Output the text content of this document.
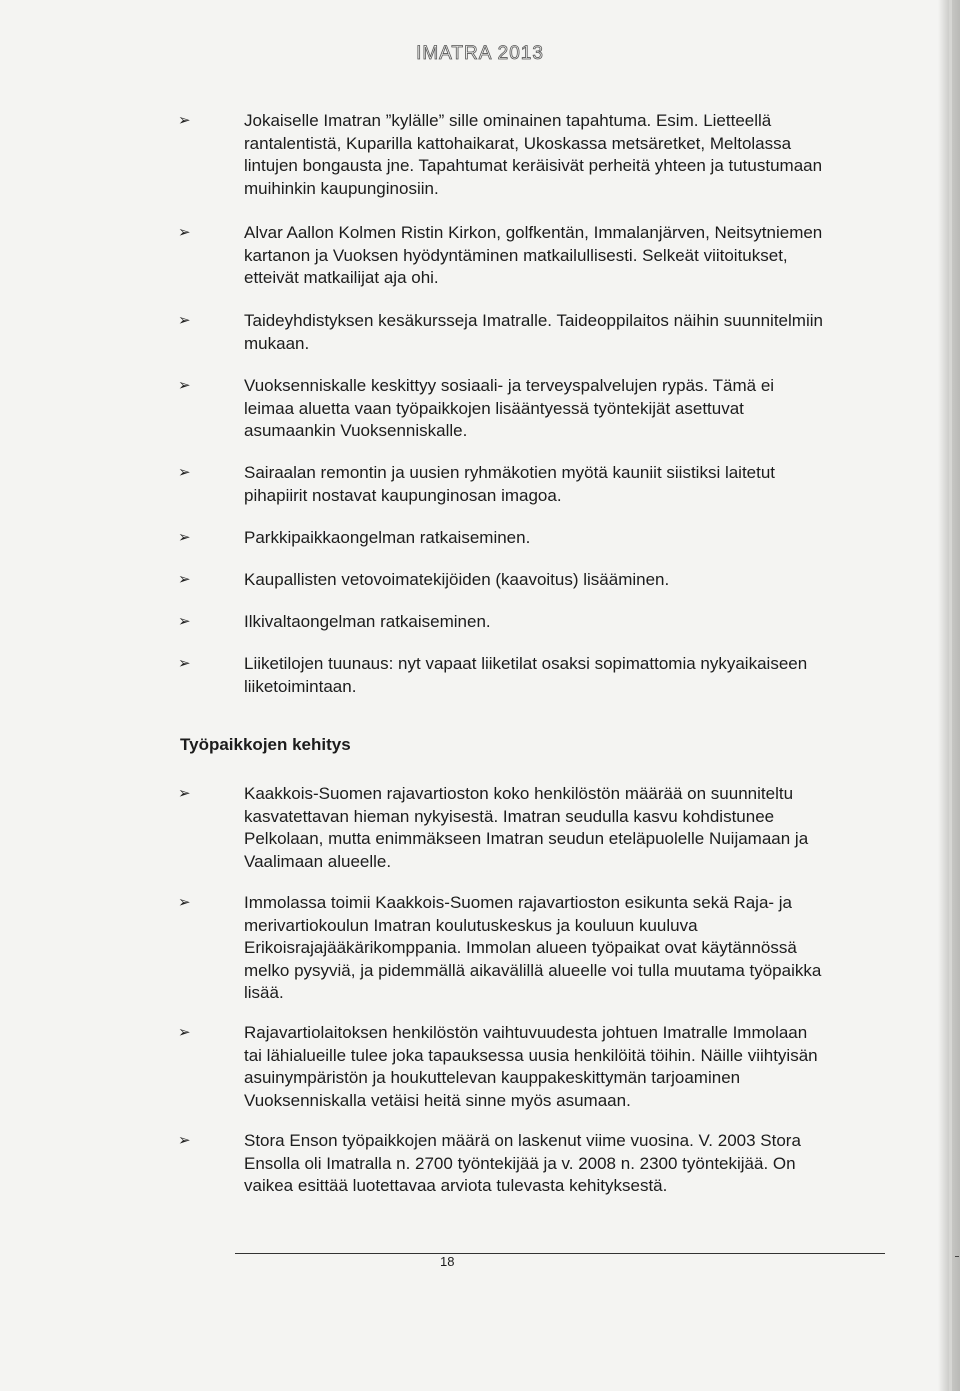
IMATRA 2013
➢	Jokaiselle Imatran ”kylälle” sille ominainen tapahtuma. Esim. Lietteellä rantalentistä, Kuparilla kattohaikarat, Ukoskassa metsäretket, Meltolassa lintujen bongausta jne. Tapahtumat keräisivät perheitä yhteen ja tutustumaan muihinkin kaupunginosiin.
➢	Alvar Aallon Kolmen Ristin Kirkon, golfkentän, Immalanjärven, Neitsytniemen kartanon ja Vuoksen hyödyntäminen matkailullisesti. Selkeät viitoitukset, etteivät matkailijat aja ohi.
➢	Taideyhdistyksen kesäkursseja Imatralle. Taideoppilaitos näihin suunnitelmiin mukaan.
➢	Vuoksenniskalle keskittyy sosiaali- ja terveyspalvelujen rypäs. Tämä ei leimaa aluetta vaan työpaikkojen lisääntyessä työntekijät asettuvat asumaankin Vuoksenniskalle.
➢	Sairaalan remontin ja uusien ryhmäkotien myötä kauniit siistiksi laitetut pihapiirit nostavat kaupunginosan imagoa.
➢	Parkkipaikkaongelman ratkaiseminen.
➢	Kaupallisten vetovoimatekijöiden (kaavoitus) lisääminen.
➢	Ilkivaltaongelman ratkaiseminen.
➢	Liiketilojen tuunaus: nyt vapaat liiketilat osaksi sopimattomia nykyaikaiseen liiketoimintaan.
Työpaikkojen kehitys
➢	Kaakkois-Suomen rajavartioston koko henkilöstön määrää on suunniteltu kasvatettavan hieman nykyisestä. Imatran seudulla kasvu kohdistunee Pelkolaan, mutta enimmäkseen Imatran seudun eteläpuolelle Nuijamaan ja Vaalimaan alueelle.
➢	Immolassa toimii Kaakkois-Suomen rajavartioston esikunta sekä Raja- ja merivartiokoulun Imatran koulutuskeskus ja kouluun kuuluva Erikoisrajajääkärikomppania. Immolan alueen työpaikat ovat käytännössä melko pysyviä, ja pidemmällä aikavälillä alueelle voi tulla muutama työpaikka lisää.
➢	Rajavartiolaitoksen henkilöstön vaihtuvuudesta johtuen Imatralle Immolaan tai lähialueille tulee joka tapauksessa uusia henkilöitä töihin. Näille viihtyisän asuinympäristön ja houkuttelevan kauppakeskittymän tarjoaminen Vuoksenniskalla vetäisi heitä sinne myös asumaan.
➢	Stora Enson työpaikkojen määrä on laskenut viime vuosina. V. 2003 Stora Ensolla oli Imatralla n. 2700 työntekijää ja v. 2008 n. 2300 työntekijää. On vaikea esittää luotettavaa arviota tulevasta kehityksestä.
18
